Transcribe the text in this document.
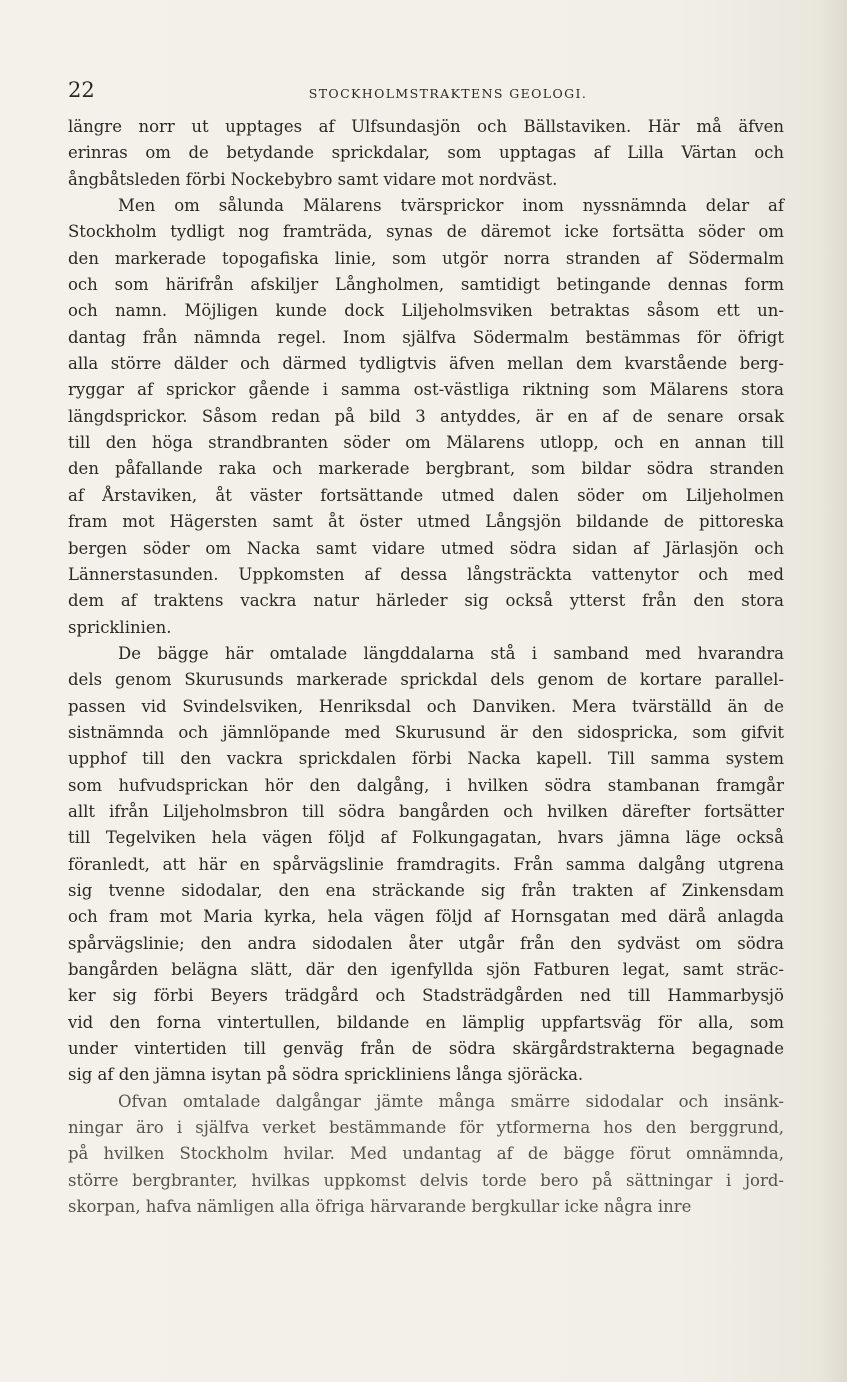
22	STOCKHOLMSTRAKTENS GEOLOGI.
längre norr ut upptages af Ulfsundasjön och Bällstaviken. Här må äfven
erinras om de betydande sprickdalar, som upptagas af Lilla Värtan och
ångbåtsleden förbi Nockebybro samt vidare mot nordväst.
Men om sålunda Mälarens tvärsprickor inom nyssnämnda delar af
Stockholm tydligt nog framträda, synas de däremot icke fortsätta söder om
den markerade topogafiska linie, som utgör norra stranden af Södermalm
och som härifrån afskiljer Långholmen, samtidigt betingande dennas form
och namn. Möjligen kunde dock Liljeholmsviken betraktas såsom ett un-
dantag från nämnda regel. Inom själfva Södermalm bestämmas för öfrigt
alla större dälder och därmed tydligtvis äfven mellan dem kvarstående berg-
ryggar af sprickor gående i samma ost-västliga riktning som Mälarens stora
längdsprickor. Såsom redan på bild 3 antyddes, är en af de senare orsak
till den höga strandbranten söder om Mälarens utlopp, och en annan till
den påfallande raka och markerade bergbrant, som bildar södra stranden
af Årstaviken, åt väster fortsättande utmed dalen söder om Liljeholmen
fram mot Hägersten samt åt öster utmed Långsjön bildande de pittoreska
bergen söder om Nacka samt vidare utmed södra sidan af Järlasjön och
Lännerstasunden. Uppkomsten af dessa långsträckta vattenytor och med
dem af traktens vackra natur härleder sig också ytterst från den stora
spricklinien.
De bägge här omtalade längddalarna stå i samband med hvarandra
dels genom Skurusunds markerade sprickdal dels genom de kortare parallel-
passen vid Svindelsviken, Henriksdal och Danviken. Mera tvärställd än de
sistnämnda och jämnlöpande med Skurusund är den sidospricka, som gifvit
upphof till den vackra sprickdalen förbi Nacka kapell. Till samma system
som hufvudsprickan hör den dalgång, i hvilken södra stambanan framgår
allt ifrån Liljeholmsbron till södra bangården och hvilken därefter fortsätter
till Tegelviken hela vägen följd af Folkungagatan, hvars jämna läge också
föranledt, att här en spårvägslinie framdragits. Från samma dalgång utgrena
sig tvenne sidodalar, den ena sträckande sig från trakten af Zinkensdam
och fram mot Maria kyrka, hela vägen följd af Hornsgatan med därå anlagda
spårvägslinie; den andra sidodalen åter utgår från den sydväst om södra
bangården belägna slätt, där den igenfyllda sjön Fatburen legat, samt sträc-
ker sig förbi Beyers trädgård och Stadsträdgården ned till Hammarbysjö
vid den forna vintertullen, bildande en lämplig uppfartsväg för alla, som
under vintertiden till genväg från de södra skärgårdstrakterna begagnade
sig af den jämna isytan på södra sprickliniens långa sjöräcka.
Ofvan omtalade dalgångar jämte många smärre sidodalar och insänk-
ningar äro i själfva verket bestämmande för ytformerna hos den berggrund,
på hvilken Stockholm hvilar. Med undantag af de bägge förut omnämnda,
större bergbranter, hvilkas uppkomst delvis torde bero på sättningar i jord-
skorpan, hafva nämligen alla öfriga härvarande bergkullar icke några inre
